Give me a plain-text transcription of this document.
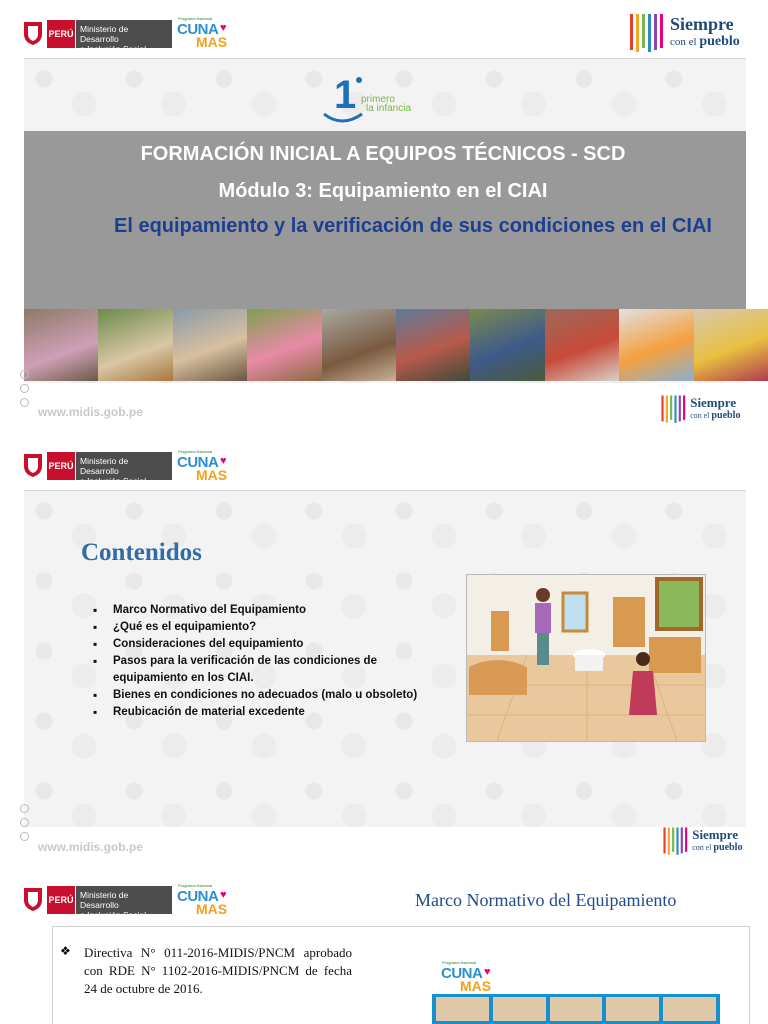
PERÚ Ministerio de Desarrollo
e Inclusión Social
Programa Nacional
CUNA
MAS
♥	Siempre
con el pueblo
1 primero
la infancia
FORMACIÓN INICIAL A EQUIPOS TÉCNICOS - SCD
Módulo 3: Equipamiento en el CIAI
El equipamiento y la verificación de sus condiciones en el CIAI
www.midis.gob.pe
Siempre
con el pueblo
PERÚ Ministerio de Desarrollo
e Inclusión Social
Programa Nacional
CUNA
MAS
♥
Contenidos
▪ Marco Normativo del Equipamiento
▪ ¿Qué es el equipamiento?
▪ Consideraciones del equipamiento
▪ Pasos para la verificación de las condiciones de equipamiento en los CIAI.
▪ Bienes en condiciones no adecuados (malo u obsoleto)
▪ Reubicación de material excedente
www.midis.gob.pe
Siempre
con el pueblo
PERÚ Ministerio de Desarrollo
e Inclusión Social
Programa Nacional
CUNA
MAS
♥	Marco Normativo del Equipamiento
❖ Directiva N° 011-2016-MIDIS/PNCM aprobado con RDE N° 1102-2016-MIDIS/PNCM de fecha 24 de octubre de 2016.
Programa Nacional
CUNA
MAS
♥
